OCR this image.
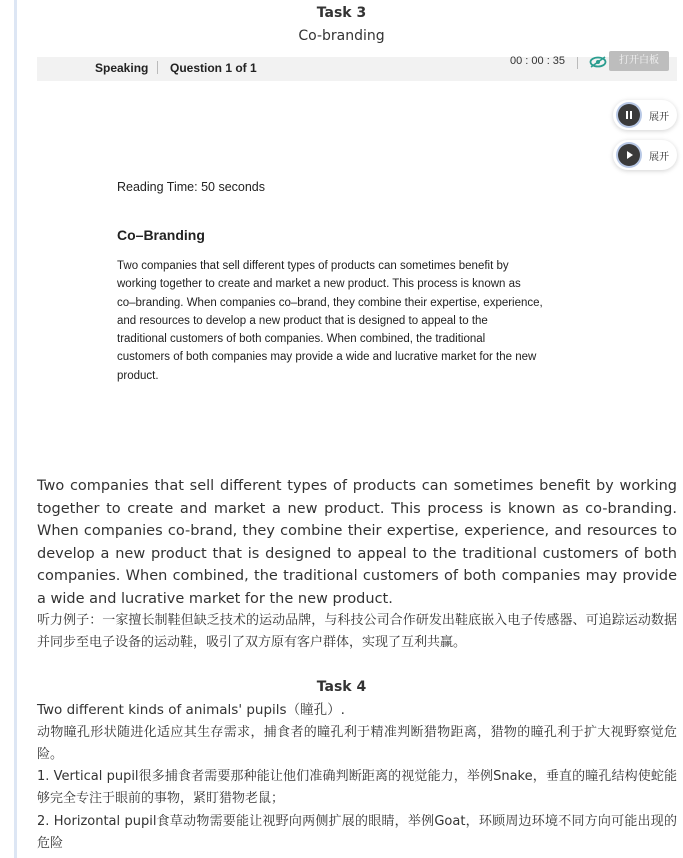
Task 3
Co-branding
Speaking Question 1 of 1	00 : 00 : 35	打开白板
展开
展开
Reading Time: 50 seconds
Co–Branding
Two companies that sell different types of products can sometimes benefit by
working together to create and market a new product. This process is known as
co–branding. When companies co–brand, they combine their expertise, experience,
and resources to develop a new product that is designed to appeal to the
traditional customers of both companies. When combined, the traditional
customers of both companies may provide a wide and lucrative market for the new
product.
Two companies that sell different types of products can sometimes benefit by working together to create and market a new product. This process is known as co-branding. When companies co-brand, they combine their expertise, experience, and resources to develop a new product that is designed to appeal to the traditional customers of both companies. When combined, the traditional customers of both companies may provide a wide and lucrative market for the new product.
听力例子：一家擅长制鞋但缺乏技术的运动品牌，与科技公司合作研发出鞋底嵌入电子传感器、可追踪运动数据并同步至电子设备的运动鞋，吸引了双方原有客户群体，实现了互利共赢。
Task 4
Two different kinds of animals' pupils（瞳孔）.
动物瞳孔形状随进化适应其生存需求，捕食者的瞳孔利于精准判断猎物距离，猎物的瞳孔利于扩大视野察觉危险。
1. Vertical pupil很多捕食者需要那种能让他们准确判断距离的视觉能力，举例Snake，垂直的瞳孔结构使蛇能够完全专注于眼前的事物，紧盯猎物老鼠；
2. Horizontal pupil食草动物需要能让视野向两侧扩展的眼睛，举例Goat，环顾周边环境不同方向可能出现的危险
